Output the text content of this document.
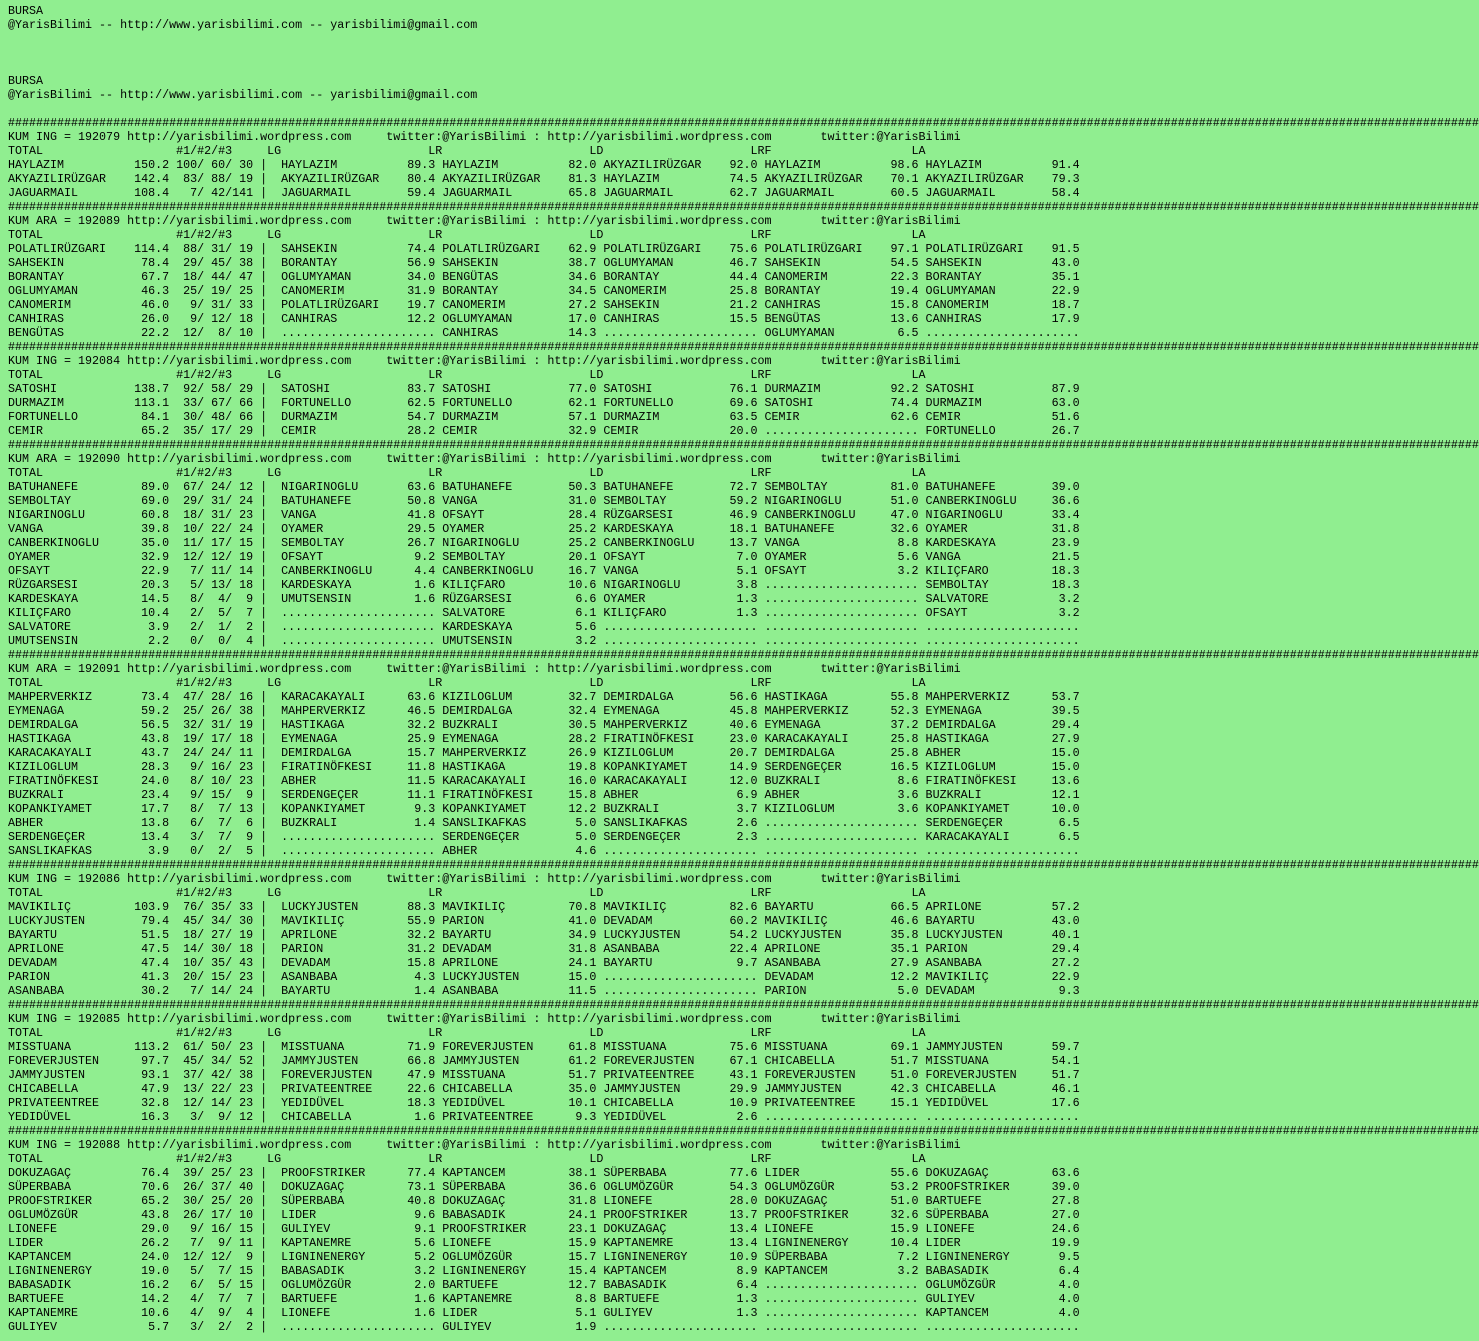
BURSA
@YarisBilimi -- http://www.yarisbilimi.com -- yarisbilimi@gmail.com
BURSA
@YarisBilimi -- http://www.yarisbilimi.com -- yarisbilimi@gmail.com
##################################################################################################################################################################################################################
KUM ING = 192079 http://yarisbilimi.wordpress.com     twitter:@YarisBilimi : http://yarisbilimi.wordpress.com       twitter:@YarisBilimi
TOTAL                   #1/#2/#3     LG                     LR                     LD                     LRF                    LA
HAYLAZIM          150.2 100/ 60/ 30 |  HAYLAZIM          89.3 HAYLAZIM          82.0 AKYAZILIRÜZGAR    92.0 HAYLAZIM          98.6 HAYLAZIM          91.4
AKYAZILIRÜZGAR    142.4  83/ 88/ 19 |  AKYAZILIRÜZGAR    80.4 AKYAZILIRÜZGAR    81.3 HAYLAZIM          74.5 AKYAZILIRÜZGAR    70.1 AKYAZILIRÜZGAR    79.3
JAGUARMAIL        108.4   7/ 42/141 |  JAGUARMAIL        59.4 JAGUARMAIL        65.8 JAGUARMAIL        62.7 JAGUARMAIL        60.5 JAGUARMAIL        58.4
##################################################################################################################################################################################################################
KUM ARA = 192089 http://yarisbilimi.wordpress.com     twitter:@YarisBilimi : http://yarisbilimi.wordpress.com       twitter:@YarisBilimi
TOTAL                   #1/#2/#3     LG                     LR                     LD                     LRF                    LA
POLATLIRÜZGARI    114.4  88/ 31/ 19 |  SAHSEKIN          74.4 POLATLIRÜZGARI    62.9 POLATLIRÜZGARI    75.6 POLATLIRÜZGARI    97.1 POLATLIRÜZGARI    91.5
SAHSEKIN           78.4  29/ 45/ 38 |  BORANTAY          56.9 SAHSEKIN          38.7 OGLUMYAMAN        46.7 SAHSEKIN          54.5 SAHSEKIN          43.0
BORANTAY           67.7  18/ 44/ 47 |  OGLUMYAMAN        34.0 BENGÜTAS          34.6 BORANTAY          44.4 CANOMERIM         22.3 BORANTAY          35.1
OGLUMYAMAN         46.3  25/ 19/ 25 |  CANOMERIM         31.9 BORANTAY          34.5 CANOMERIM         25.8 BORANTAY          19.4 OGLUMYAMAN        22.9
CANOMERIM          46.0   9/ 31/ 33 |  POLATLIRÜZGARI    19.7 CANOMERIM         27.2 SAHSEKIN          21.2 CANHIRAS          15.8 CANOMERIM         18.7
CANHIRAS           26.0   9/ 12/ 18 |  CANHIRAS          12.2 OGLUMYAMAN        17.0 CANHIRAS          15.5 BENGÜTAS          13.6 CANHIRAS          17.9
BENGÜTAS           22.2  12/  8/ 10 |  ...................... CANHIRAS          14.3 ...................... OGLUMYAMAN         6.5 ......................
##################################################################################################################################################################################################################
KUM ING = 192084 http://yarisbilimi.wordpress.com     twitter:@YarisBilimi : http://yarisbilimi.wordpress.com       twitter:@YarisBilimi
TOTAL                   #1/#2/#3     LG                     LR                     LD                     LRF                    LA
SATOSHI           138.7  92/ 58/ 29 |  SATOSHI           83.7 SATOSHI           77.0 SATOSHI           76.1 DURMAZIM          92.2 SATOSHI           87.9
DURMAZIM          113.1  33/ 67/ 66 |  FORTUNELLO        62.5 FORTUNELLO        62.1 FORTUNELLO        69.6 SATOSHI           74.4 DURMAZIM          63.0
FORTUNELLO         84.1  30/ 48/ 66 |  DURMAZIM          54.7 DURMAZIM          57.1 DURMAZIM          63.5 CEMIR             62.6 CEMIR             51.6
CEMIR              65.2  35/ 17/ 29 |  CEMIR             28.2 CEMIR             32.9 CEMIR             20.0 ...................... FORTUNELLO        26.7
##################################################################################################################################################################################################################
KUM ARA = 192090 http://yarisbilimi.wordpress.com     twitter:@YarisBilimi : http://yarisbilimi.wordpress.com       twitter:@YarisBilimi
TOTAL                   #1/#2/#3     LG                     LR                     LD                     LRF                    LA
BATUHANEFE         89.0  67/ 24/ 12 |  NIGARINOGLU       63.6 BATUHANEFE        50.3 BATUHANEFE        72.7 SEMBOLTAY         81.0 BATUHANEFE        39.0
SEMBOLTAY          69.0  29/ 31/ 24 |  BATUHANEFE        50.8 VANGA             31.0 SEMBOLTAY         59.2 NIGARINOGLU       51.0 CANBERKINOGLU     36.6
NIGARINOGLU        60.8  18/ 31/ 23 |  VANGA             41.8 OFSAYT            28.4 RÜZGARSESI        46.9 CANBERKINOGLU     47.0 NIGARINOGLU       33.4
VANGA              39.8  10/ 22/ 24 |  OYAMER            29.5 OYAMER            25.2 KARDESKAYA        18.1 BATUHANEFE        32.6 OYAMER            31.8
CANBERKINOGLU      35.0  11/ 17/ 15 |  SEMBOLTAY         26.7 NIGARINOGLU       25.2 CANBERKINOGLU     13.7 VANGA              8.8 KARDESKAYA        23.9
OYAMER             32.9  12/ 12/ 19 |  OFSAYT             9.2 SEMBOLTAY         20.1 OFSAYT             7.0 OYAMER             5.6 VANGA             21.5
OFSAYT             22.9   7/ 11/ 14 |  CANBERKINOGLU      4.4 CANBERKINOGLU     16.7 VANGA              5.1 OFSAYT             3.2 KILIÇFARO         18.3
RÜZGARSESI         20.3   5/ 13/ 18 |  KARDESKAYA         1.6 KILIÇFARO         10.6 NIGARINOGLU        3.8 ...................... SEMBOLTAY         18.3
KARDESKAYA         14.5   8/  4/  9 |  UMUTSENSIN         1.6 RÜZGARSESI         6.6 OYAMER             1.3 ...................... SALVATORE          3.2
KILIÇFARO          10.4   2/  5/  7 |  ...................... SALVATORE          6.1 KILIÇFARO          1.3 ...................... OFSAYT             3.2
SALVATORE           3.9   2/  1/  2 |  ...................... KARDESKAYA         5.6 ...................... ...................... ......................
UMUTSENSIN          2.2   0/  0/  4 |  ...................... UMUTSENSIN         3.2 ...................... ...................... ......................
##################################################################################################################################################################################################################
KUM ARA = 192091 http://yarisbilimi.wordpress.com     twitter:@YarisBilimi : http://yarisbilimi.wordpress.com       twitter:@YarisBilimi
TOTAL                   #1/#2/#3     LG                     LR                     LD                     LRF                    LA
MAHPERVERKIZ       73.4  47/ 28/ 16 |  KARACAKAYALI      63.6 KIZILOGLUM        32.7 DEMIRDALGA        56.6 HASTIKAGA         55.8 MAHPERVERKIZ      53.7
EYMENAGA           59.2  25/ 26/ 38 |  MAHPERVERKIZ      46.5 DEMIRDALGA        32.4 EYMENAGA          45.8 MAHPERVERKIZ      52.3 EYMENAGA          39.5
DEMIRDALGA         56.5  32/ 31/ 19 |  HASTIKAGA         32.2 BUZKRALI          30.5 MAHPERVERKIZ      40.6 EYMENAGA          37.2 DEMIRDALGA        29.4
HASTIKAGA          43.8  19/ 17/ 18 |  EYMENAGA          25.9 EYMENAGA          28.2 FIRATINÖFKESI     23.0 KARACAKAYALI      25.8 HASTIKAGA         27.9
KARACAKAYALI       43.7  24/ 24/ 11 |  DEMIRDALGA        15.7 MAHPERVERKIZ      26.9 KIZILOGLUM        20.7 DEMIRDALGA        25.8 ABHER             15.0
KIZILOGLUM         28.3   9/ 16/ 23 |  FIRATINÖFKESI     11.8 HASTIKAGA         19.8 KOPANKIYAMET      14.9 SERDENGEÇER       16.5 KIZILOGLUM        15.0
FIRATINÖFKESI      24.0   8/ 10/ 23 |  ABHER             11.5 KARACAKAYALI      16.0 KARACAKAYALI      12.0 BUZKRALI           8.6 FIRATINÖFKESI     13.6
BUZKRALI           23.4   9/ 15/  9 |  SERDENGEÇER       11.1 FIRATINÖFKESI     15.8 ABHER              6.9 ABHER              3.6 BUZKRALI          12.1
KOPANKIYAMET       17.7   8/  7/ 13 |  KOPANKIYAMET       9.3 KOPANKIYAMET      12.2 BUZKRALI           3.7 KIZILOGLUM         3.6 KOPANKIYAMET      10.0
ABHER              13.8   6/  7/  6 |  BUZKRALI           1.4 SANSLIKAFKAS       5.0 SANSLIKAFKAS       2.6 ...................... SERDENGEÇER        6.5
SERDENGEÇER        13.4   3/  7/  9 |  ...................... SERDENGEÇER        5.0 SERDENGEÇER        2.3 ...................... KARACAKAYALI       6.5
SANSLIKAFKAS        3.9   0/  2/  5 |  ...................... ABHER              4.6 ...................... ...................... ......................
##################################################################################################################################################################################################################
KUM ING = 192086 http://yarisbilimi.wordpress.com     twitter:@YarisBilimi : http://yarisbilimi.wordpress.com       twitter:@YarisBilimi
TOTAL                   #1/#2/#3     LG                     LR                     LD                     LRF                    LA
MAVIKILIÇ         103.9  76/ 35/ 33 |  LUCKYJUSTEN       88.3 MAVIKILIÇ         70.8 MAVIKILIÇ         82.6 BAYARTU           66.5 APRILONE          57.2
LUCKYJUSTEN        79.4  45/ 34/ 30 |  MAVIKILIÇ         55.9 PARION            41.0 DEVADAM           60.2 MAVIKILIÇ         46.6 BAYARTU           43.0
BAYARTU            51.5  18/ 27/ 19 |  APRILONE          32.2 BAYARTU           34.9 LUCKYJUSTEN       54.2 LUCKYJUSTEN       35.8 LUCKYJUSTEN       40.1
APRILONE           47.5  14/ 30/ 18 |  PARION            31.2 DEVADAM           31.8 ASANBABA          22.4 APRILONE          35.1 PARION            29.4
DEVADAM            47.4  10/ 35/ 43 |  DEVADAM           15.8 APRILONE          24.1 BAYARTU            9.7 ASANBABA          27.9 ASANBABA          27.2
PARION             41.3  20/ 15/ 23 |  ASANBABA           4.3 LUCKYJUSTEN       15.0 ...................... DEVADAM           12.2 MAVIKILIÇ         22.9
ASANBABA           30.2   7/ 14/ 24 |  BAYARTU            1.4 ASANBABA          11.5 ...................... PARION             5.0 DEVADAM            9.3
##################################################################################################################################################################################################################
KUM ING = 192085 http://yarisbilimi.wordpress.com     twitter:@YarisBilimi : http://yarisbilimi.wordpress.com       twitter:@YarisBilimi
TOTAL                   #1/#2/#3     LG                     LR                     LD                     LRF                    LA
MISSTUANA         113.2  61/ 50/ 23 |  MISSTUANA         71.9 FOREVERJUSTEN     61.8 MISSTUANA         75.6 MISSTUANA         69.1 JAMMYJUSTEN       59.7
FOREVERJUSTEN      97.7  45/ 34/ 52 |  JAMMYJUSTEN       66.8 JAMMYJUSTEN       61.2 FOREVERJUSTEN     67.1 CHICABELLA        51.7 MISSTUANA         54.1
JAMMYJUSTEN        93.1  37/ 42/ 38 |  FOREVERJUSTEN     47.9 MISSTUANA         51.7 PRIVATEENTREE     43.1 FOREVERJUSTEN     51.0 FOREVERJUSTEN     51.7
CHICABELLA         47.9  13/ 22/ 23 |  PRIVATEENTREE     22.6 CHICABELLA        35.0 JAMMYJUSTEN       29.9 JAMMYJUSTEN       42.3 CHICABELLA        46.1
PRIVATEENTREE      32.8  12/ 14/ 23 |  YEDIDÜVEL         18.3 YEDIDÜVEL         10.1 CHICABELLA        10.9 PRIVATEENTREE     15.1 YEDIDÜVEL         17.6
YEDIDÜVEL          16.3   3/  9/ 12 |  CHICABELLA         1.6 PRIVATEENTREE      9.3 YEDIDÜVEL          2.6 ...................... ......................
##################################################################################################################################################################################################################
KUM ING = 192088 http://yarisbilimi.wordpress.com     twitter:@YarisBilimi : http://yarisbilimi.wordpress.com       twitter:@YarisBilimi
TOTAL                   #1/#2/#3     LG                     LR                     LD                     LRF                    LA
DOKUZAGAÇ          76.4  39/ 25/ 23 |  PROOFSTRIKER      77.4 KAPTANCEM         38.1 SÜPERBABA         77.6 LIDER             55.6 DOKUZAGAÇ         63.6
SÜPERBABA          70.6  26/ 37/ 40 |  DOKUZAGAÇ         73.1 SÜPERBABA         36.6 OGLUMÖZGÜR        54.3 OGLUMÖZGÜR        53.2 PROOFSTRIKER      39.0
PROOFSTRIKER       65.2  30/ 25/ 20 |  SÜPERBABA         40.8 DOKUZAGAÇ         31.8 LIONEFE           28.0 DOKUZAGAÇ         51.0 BARTUEFE          27.8
OGLUMÖZGÜR         43.8  26/ 17/ 10 |  LIDER              9.6 BABASADIK         24.1 PROOFSTRIKER      13.7 PROOFSTRIKER      32.6 SÜPERBABA         27.0
LIONEFE            29.0   9/ 16/ 15 |  GULIYEV            9.1 PROOFSTRIKER      23.1 DOKUZAGAÇ         13.4 LIONEFE           15.9 LIONEFE           24.6
LIDER              26.2   7/  9/ 11 |  KAPTANEMRE         5.6 LIONEFE           15.9 KAPTANEMRE        13.4 LIGNINENERGY      10.4 LIDER             19.9
KAPTANCEM          24.0  12/ 12/  9 |  LIGNINENERGY       5.2 OGLUMÖZGÜR        15.7 LIGNINENERGY      10.9 SÜPERBABA          7.2 LIGNINENERGY       9.5
LIGNINENERGY       19.0   5/  7/ 15 |  BABASADIK          3.2 LIGNINENERGY      15.4 KAPTANCEM          8.9 KAPTANCEM          3.2 BABASADIK          6.4
BABASADIK          16.2   6/  5/ 15 |  OGLUMÖZGÜR         2.0 BARTUEFE          12.7 BABASADIK          6.4 ...................... OGLUMÖZGÜR         4.0
BARTUEFE           14.2   4/  7/  7 |  BARTUEFE           1.6 KAPTANEMRE         8.8 BARTUEFE           1.3 ...................... GULIYEV            4.0
KAPTANEMRE         10.6   4/  9/  4 |  LIONEFE            1.6 LIDER              5.1 GULIYEV            1.3 ...................... KAPTANCEM          4.0
GULIYEV             5.7   3/  2/  2 |  ...................... GULIYEV            1.9 ...................... ...................... ......................
